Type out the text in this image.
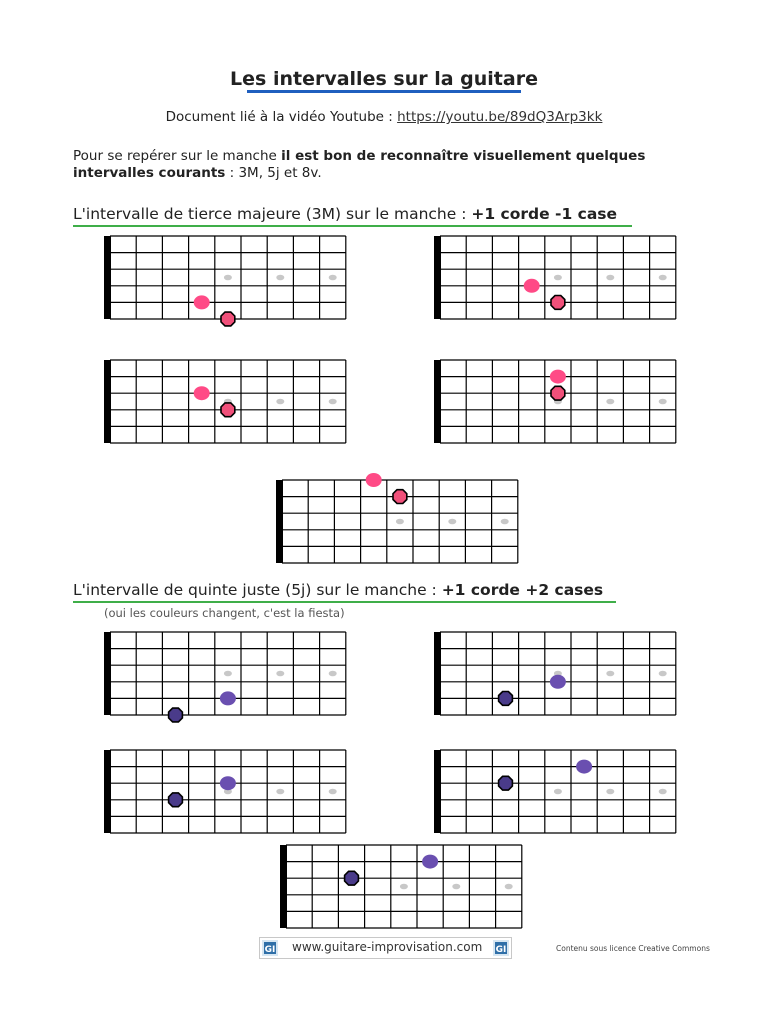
Les intervalles sur la guitare
Document lié à la vidéo Youtube : https://youtu.be/89dQ3Arp3kk
Pour se repérer sur le manche il est bon de reconnaître visuellement quelques intervalles courants : 3M, 5j et 8v.
L'intervalle de tierce majeure (3M) sur le manche : +1 corde -1 case
L'intervalle de quinte juste (5j) sur le manche : +1 corde +2 cases
(oui les couleurs changent, c'est la fiesta)
GI www.guitare-improvisation.com GI	Contenu sous licence Creative Commons
